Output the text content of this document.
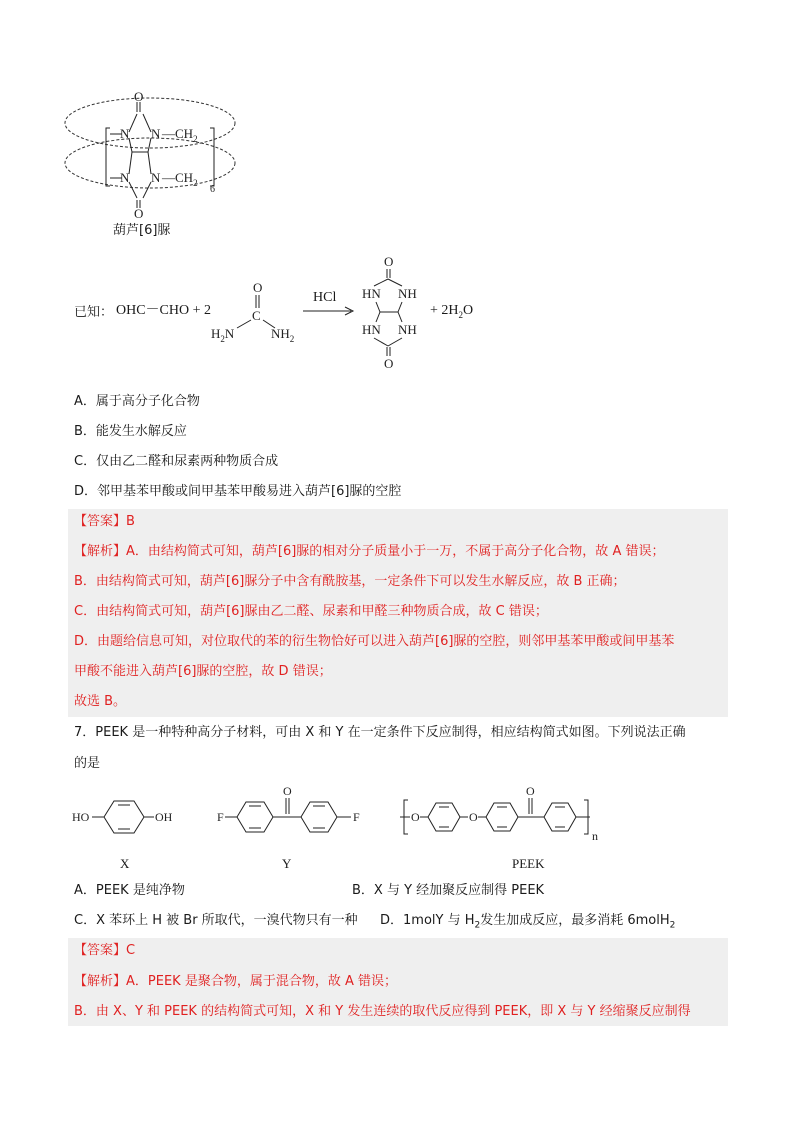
O
O
N N
N N
$—CH_2$
$—CH_2$
6
葫芦[6]脲
已知： OHC－CHO + 2
O
C
$H_2N$	$NH_2$
HCl
O
HN NH
HN NH
O
+ $2H_2O$
A．属于高分子化合物
B．能发生水解反应
C．仅由乙二醛和尿素两种物质合成
D．邻甲基苯甲酸或间甲基苯甲酸易进入葫芦[6]脲的空腔
【答案】B
【解析】A．由结构简式可知，葫芦[6]脲的相对分子质量小于一万，不属于高分子化合物，故 A 错误；
B．由结构简式可知，葫芦[6]脲分子中含有酰胺基，一定条件下可以发生水解反应，故 B 正确；
C．由结构简式可知，葫芦[6]脲由乙二醛、尿素和甲醛三种物质合成，故 C 错误；
D．由题给信息可知，对位取代的苯的衍生物恰好可以进入葫芦[6]脲的空腔，则邻甲基苯甲酸或间甲基苯
甲酸不能进入葫芦[6]脲的空腔，故 D 错误；
故选 B。
7．PEEK 是一种特种高分子材料，可由 X 和 Y 在一定条件下反应制得，相应结构简式如图。下列说法正确
的是
HO	OH
X
F
O
F
Y
O	O
O
n
PEEK
A．PEEK 是纯净物	B．X 与 Y 经加聚反应制得 PEEK
C．X 苯环上 H 被 Br 所取代，一溴代物只有一种 D．1molY 与 $H_2$发生加成反应，最多消耗 6molH$_2$
【答案】C
【解析】A．PEEK 是聚合物，属于混合物，故 A 错误；
B．由 X、Y 和 PEEK 的结构简式可知，X 和 Y 发生连续的取代反应得到 PEEK，即 X 与 Y 经缩聚反应制得
